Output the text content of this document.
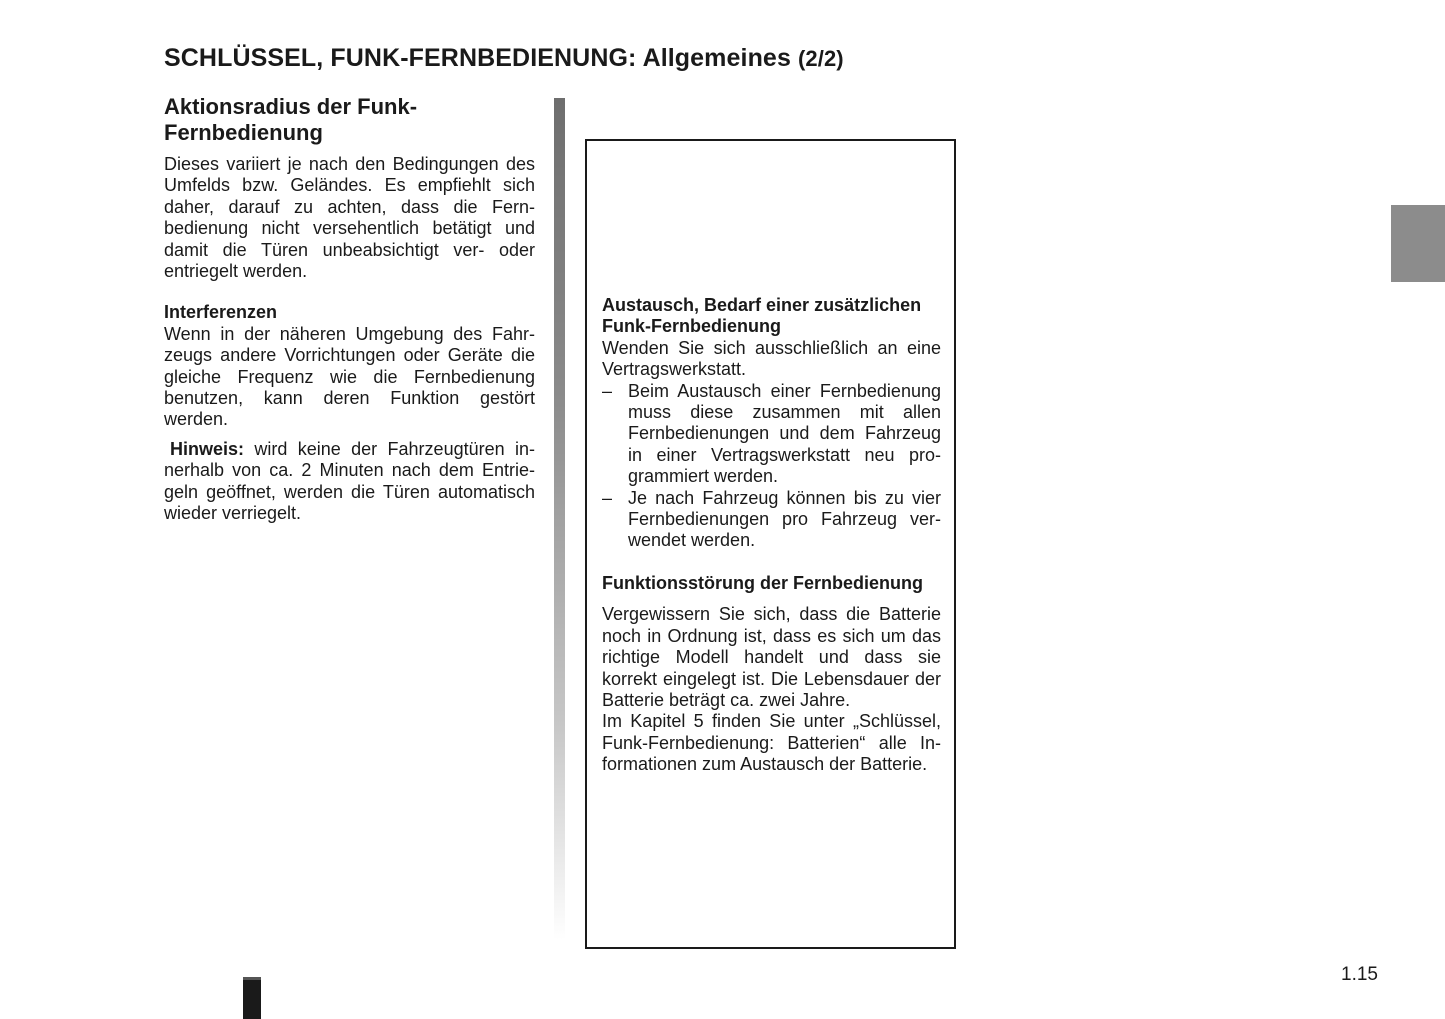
SCHLÜSSEL, FUNK-FERNBEDIENUNG: Allgemeines (2/2)
Aktionsradius der Funk-Fernbedienung

Dieses variiert je nach den Bedingungen des Umfelds bzw. Geländes. Es empfiehlt sich daher, darauf zu achten, dass die Fernbedienung nicht versehentlich betätigt und damit die Türen unbeabsichtigt ver- oder entriegelt werden.

Interferenzen

Wenn in der näheren Umgebung des Fahrzeugs andere Vorrichtungen oder Geräte die gleiche Frequenz wie die Fernbedienung benutzen, kann deren Funktion gestört werden.

Hinweis: wird keine der Fahrzeugtüren innerhalb von ca. 2 Minuten nach dem Entriegeln geöffnet, werden die Türen automatisch wieder verriegelt.

Austausch, Bedarf einer zusätzlichen Funk-Fernbedienung

Wenden Sie sich ausschließlich an eine Vertragswerkstatt.

– Beim Austausch einer Fernbedienung muss diese zusammen mit allen Fernbedienungen und dem Fahrzeug in einer Vertragswerkstatt neu programmiert werden.
– Je nach Fahrzeug können bis zu vier Fernbedienungen pro Fahrzeug verwendet werden.
Funktionsstörung der Fernbedienung

Vergewissern Sie sich, dass die Batterie noch in Ordnung ist, dass es sich um das richtige Modell handelt und dass sie korrekt eingelegt ist. Die Lebensdauer der Batterie beträgt ca. zwei Jahre.

Im Kapitel 5 finden Sie unter „Schlüssel, Funk-Fernbedienung: Batterien“ alle Informationen zum Austausch der Batterie.

1.15
